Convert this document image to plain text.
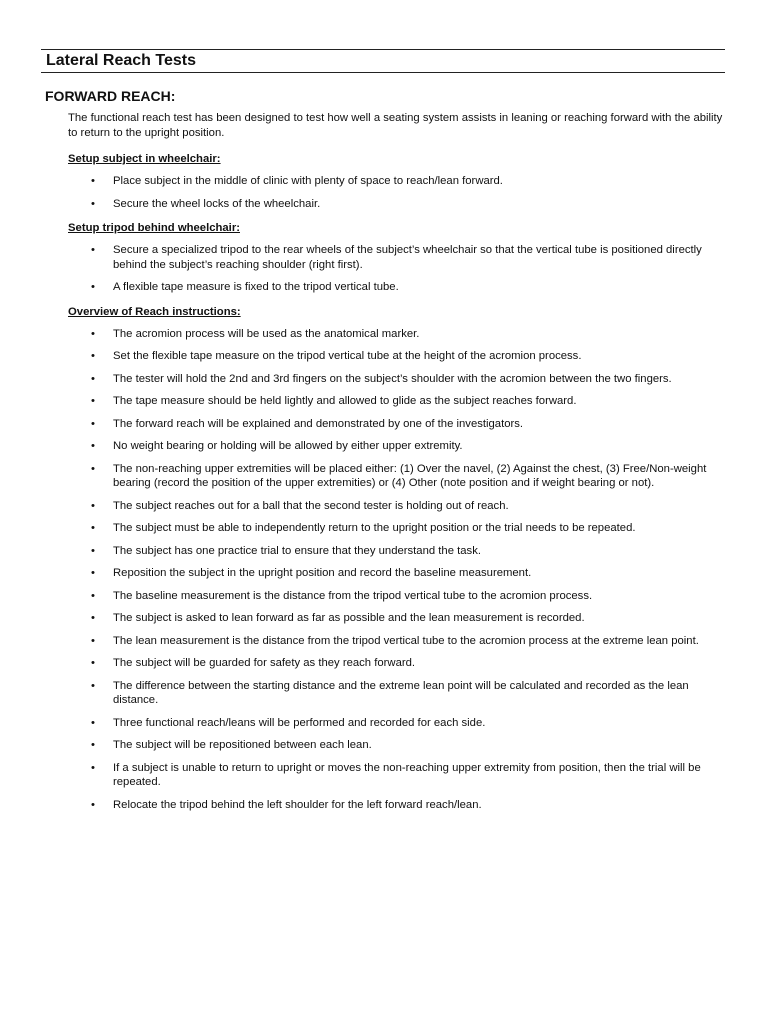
Lateral Reach Tests
FORWARD REACH:
The functional reach test has been designed to test how well a seating system assists in leaning or reaching forward with the ability to return to the upright position.
Setup subject in wheelchair:
• Place subject in the middle of clinic with plenty of space to reach/lean forward.
• Secure the wheel locks of the wheelchair.
Setup tripod behind wheelchair:
• Secure a specialized tripod to the rear wheels of the subject’s wheelchair so that the vertical tube is positioned directly behind the subject’s reaching shoulder (right first).
• A flexible tape measure is fixed to the tripod vertical tube.
Overview of Reach instructions:
• The acromion process will be used as the anatomical marker.
• Set the flexible tape measure on the tripod vertical tube at the height of the acromion process.
• The tester will hold the 2nd and 3rd fingers on the subject’s shoulder with the acromion between the two fingers.
• The tape measure should be held lightly and allowed to glide as the subject reaches forward.
• The forward reach will be explained and demonstrated by one of the investigators.
• No weight bearing or holding will be allowed by either upper extremity.
• The non-reaching upper extremities will be placed either: (1) Over the navel, (2) Against the chest, (3) Free/Non-weight bearing (record the position of the upper extremities) or (4) Other (note position and if weight bearing or not).
• The subject reaches out for a ball that the second tester is holding out of reach.
• The subject must be able to independently return to the upright position or the trial needs to be repeated.
• The subject has one practice trial to ensure that they understand the task.
• Reposition the subject in the upright position and record the baseline measurement.
• The baseline measurement is the distance from the tripod vertical tube to the acromion process.
• The subject is asked to lean forward as far as possible and the lean measurement is recorded.
• The lean measurement is the distance from the tripod vertical tube to the acromion process at the extreme lean point.
• The subject will be guarded for safety as they reach forward.
• The difference between the starting distance and the extreme lean point will be calculated and recorded as the lean distance.
• Three functional reach/leans will be performed and recorded for each side.
• The subject will be repositioned between each lean.
• If a subject is unable to return to upright or moves the non-reaching upper extremity from position, then the trial will be repeated.
• Relocate the tripod behind the left shoulder for the left forward reach/lean.
